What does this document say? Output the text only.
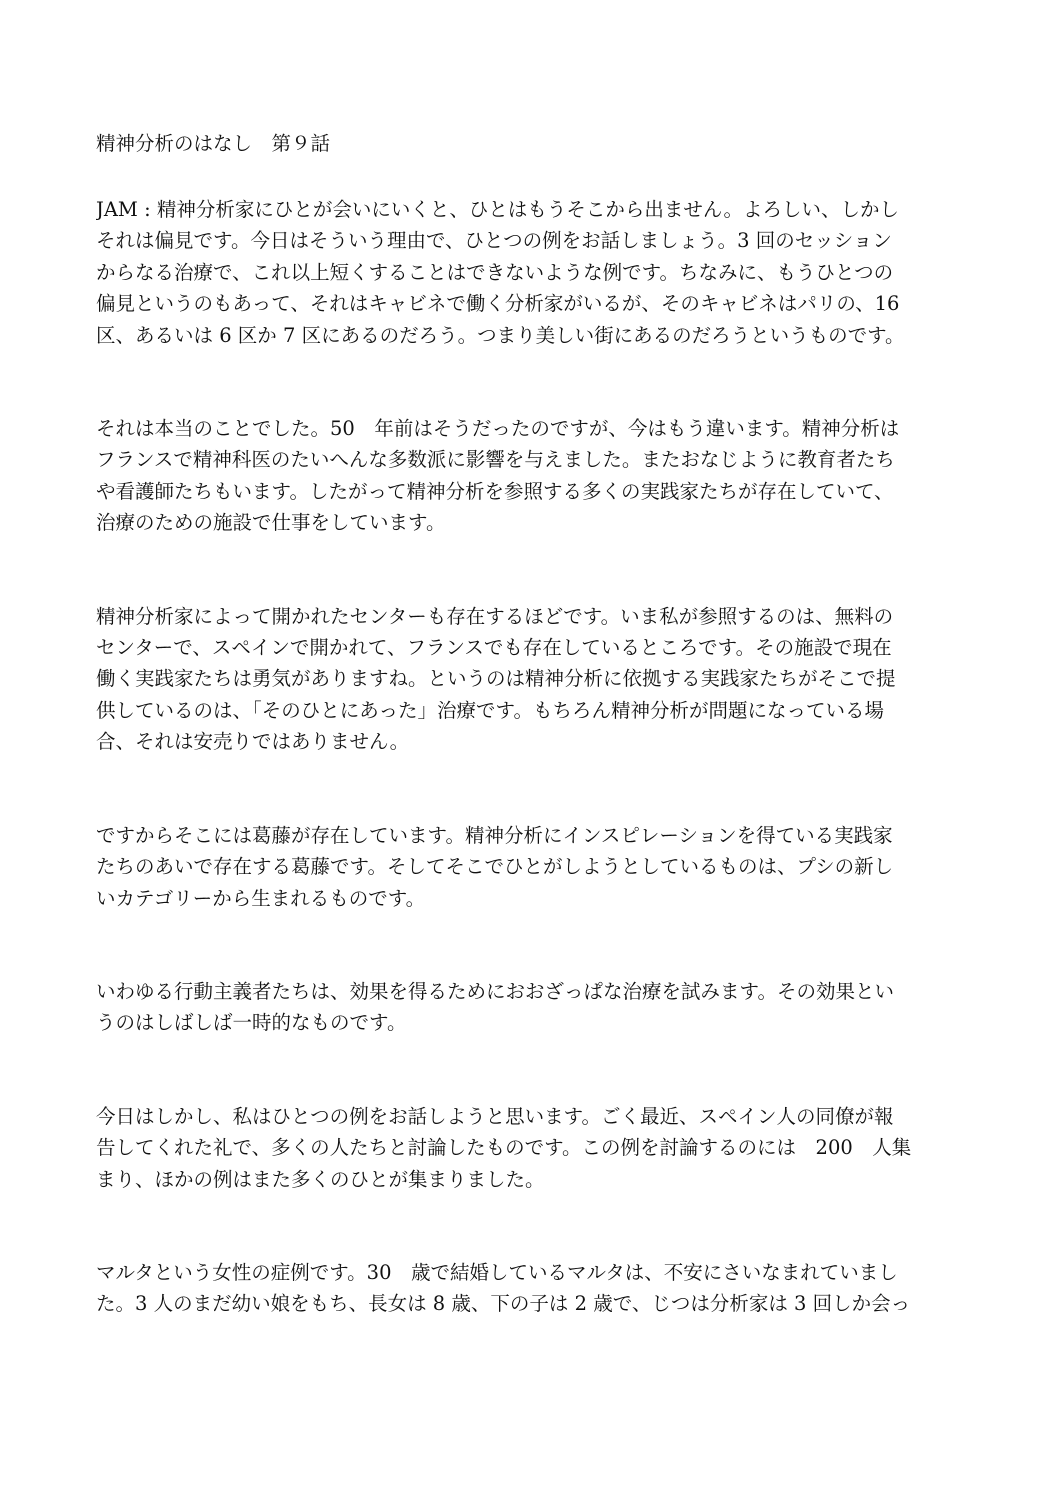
精神分析のはなし　第９話
JAM : 精神分析家にひとが会いにいくと、ひとはもうそこから出ません。よろしい、しかし
それは偏見です。今日はそういう理由で、ひとつの例をお話しましょう。3 回のセッション
からなる治療で、これ以上短くすることはできないような例です。ちなみに、もうひとつの
偏見というのもあって、それはキャビネで働く分析家がいるが、そのキャビネはパリの、16
区、あるいは 6 区か 7 区にあるのだろう。つまり美しい街にあるのだろうというものです。
それは本当のことでした。50　年前はそうだったのですが、今はもう違います。精神分析は
フランスで精神科医のたいへんな多数派に影響を与えました。またおなじように教育者たち
や看護師たちもいます。したがって精神分析を参照する多くの実践家たちが存在していて、
治療のための施設で仕事をしています。
精神分析家によって開かれたセンターも存在するほどです。いま私が参照するのは、無料の
センターで、スペインで開かれて、フランスでも存在しているところです。その施設で現在
働く実践家たちは勇気がありますね。というのは精神分析に依拠する実践家たちがそこで提
供しているのは、「そのひとにあった」治療です。もちろん精神分析が問題になっている場
合、それは安売りではありません。
ですからそこには葛藤が存在しています。精神分析にインスピレーションを得ている実践家
たちのあいで存在する葛藤です。そしてそこでひとがしようとしているものは、プシの新し
いカテゴリーから生まれるものです。
いわゆる行動主義者たちは、効果を得るためにおおざっぱな治療を試みます。その効果とい
うのはしばしば一時的なものです。
今日はしかし、私はひとつの例をお話しようと思います。ごく最近、スペイン人の同僚が報
告してくれた礼で、多くの人たちと討論したものです。この例を討論するのには　200　人集
まり、ほかの例はまた多くのひとが集まりました。
マルタという女性の症例です。30　歳で結婚しているマルタは、不安にさいなまれていまし
た。3 人のまだ幼い娘をもち、長女は 8 歳、下の子は 2 歳で、じつは分析家は 3 回しか会っ
